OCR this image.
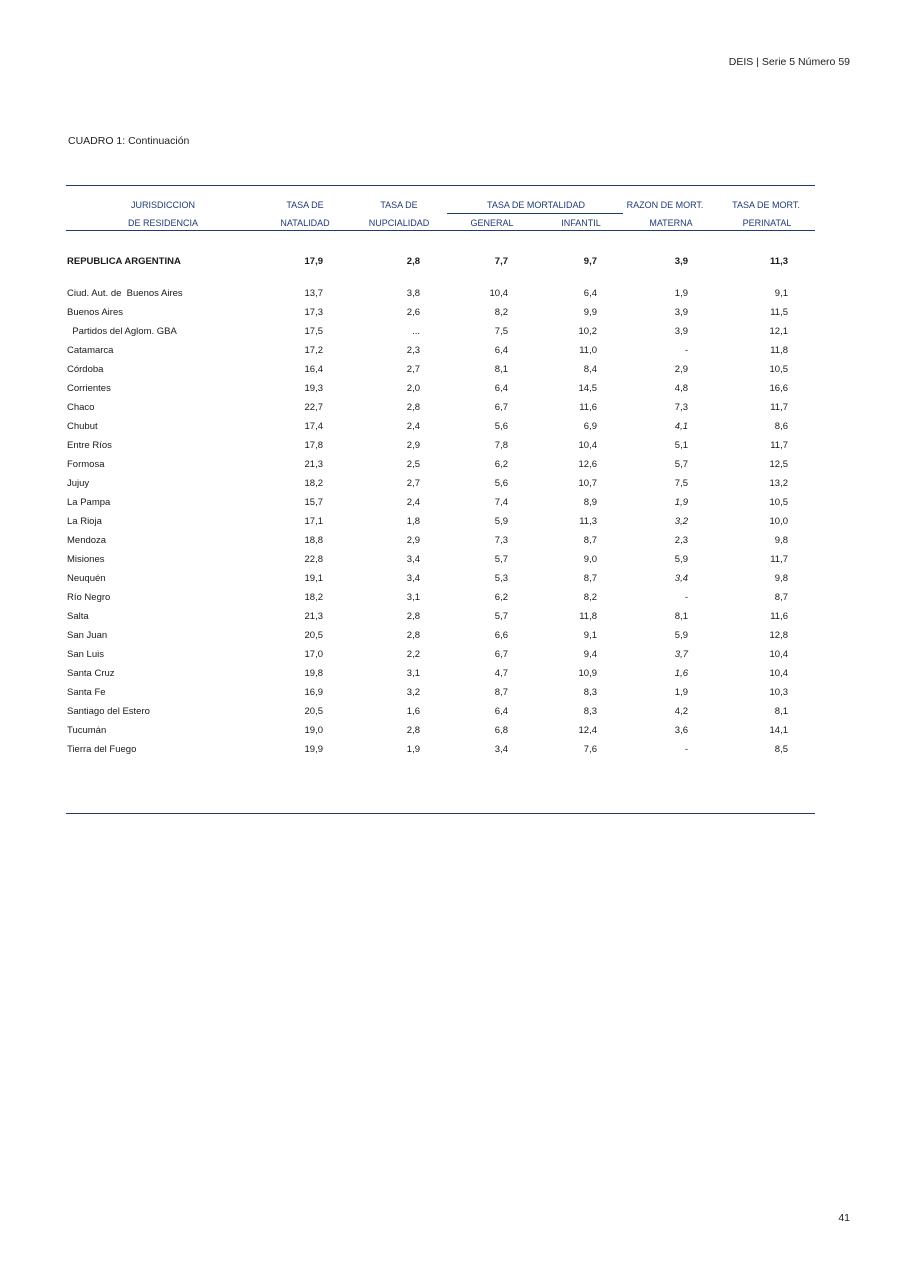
DEIS | Serie 5 Número 59
CUADRO 1: Continuación
JURISDICCION
DE RESIDENCIA
TASA DE
NATALIDAD
TASA DE
NUPCIALIDAD
TASA DE MORTALIDAD
GENERAL	INFANTIL
RAZON DE MORT.
MATERNA
TASA DE MORT.
PERINATAL
REPUBLICA ARGENTINA	17,9	2,8	7,7	9,7	3,9	11,3
Ciud. Aut. de  Buenos Aires	13,7	3,8	10,4	6,4	1,9	9,1
Buenos Aires	17,3	2,6	8,2	9,9	3,9	11,5
Partidos del Aglom. GBA	17,5	...	7,5	10,2	3,9	12,1
Catamarca	17,2	2,3	6,4	11,0	-	11,8
Córdoba	16,4	2,7	8,1	8,4	2,9	10,5
Corrientes	19,3	2,0	6,4	14,5	4,8	16,6
Chaco	22,7	2,8	6,7	11,6	7,3	11,7
Chubut	17,4	2,4	5,6	6,9	4,1	8,6
Entre Ríos	17,8	2,9	7,8	10,4	5,1	11,7
Formosa	21,3	2,5	6,2	12,6	5,7	12,5
Jujuy	18,2	2,7	5,6	10,7	7,5	13,2
La Pampa	15,7	2,4	7,4	8,9	1,9	10,5
La Rioja	17,1	1,8	5,9	11,3	3,2	10,0
Mendoza	18,8	2,9	7,3	8,7	2,3	9,8
Misiones	22,8	3,4	5,7	9,0	5,9	11,7
Neuquén	19,1	3,4	5,3	8,7	3,4	9,8
Río Negro	18,2	3,1	6,2	8,2	-	8,7
Salta	21,3	2,8	5,7	11,8	8,1	11,6
San Juan	20,5	2,8	6,6	9,1	5,9	12,8
San Luis	17,0	2,2	6,7	9,4	3,7	10,4
Santa Cruz	19,8	3,1	4,7	10,9	1,6	10,4
Santa Fe	16,9	3,2	8,7	8,3	1,9	10,3
Santiago del Estero	20,5	1,6	6,4	8,3	4,2	8,1
Tucumán	19,0	2,8	6,8	12,4	3,6	14,1
Tierra del Fuego	19,9	1,9	3,4	7,6	-	8,5
41
